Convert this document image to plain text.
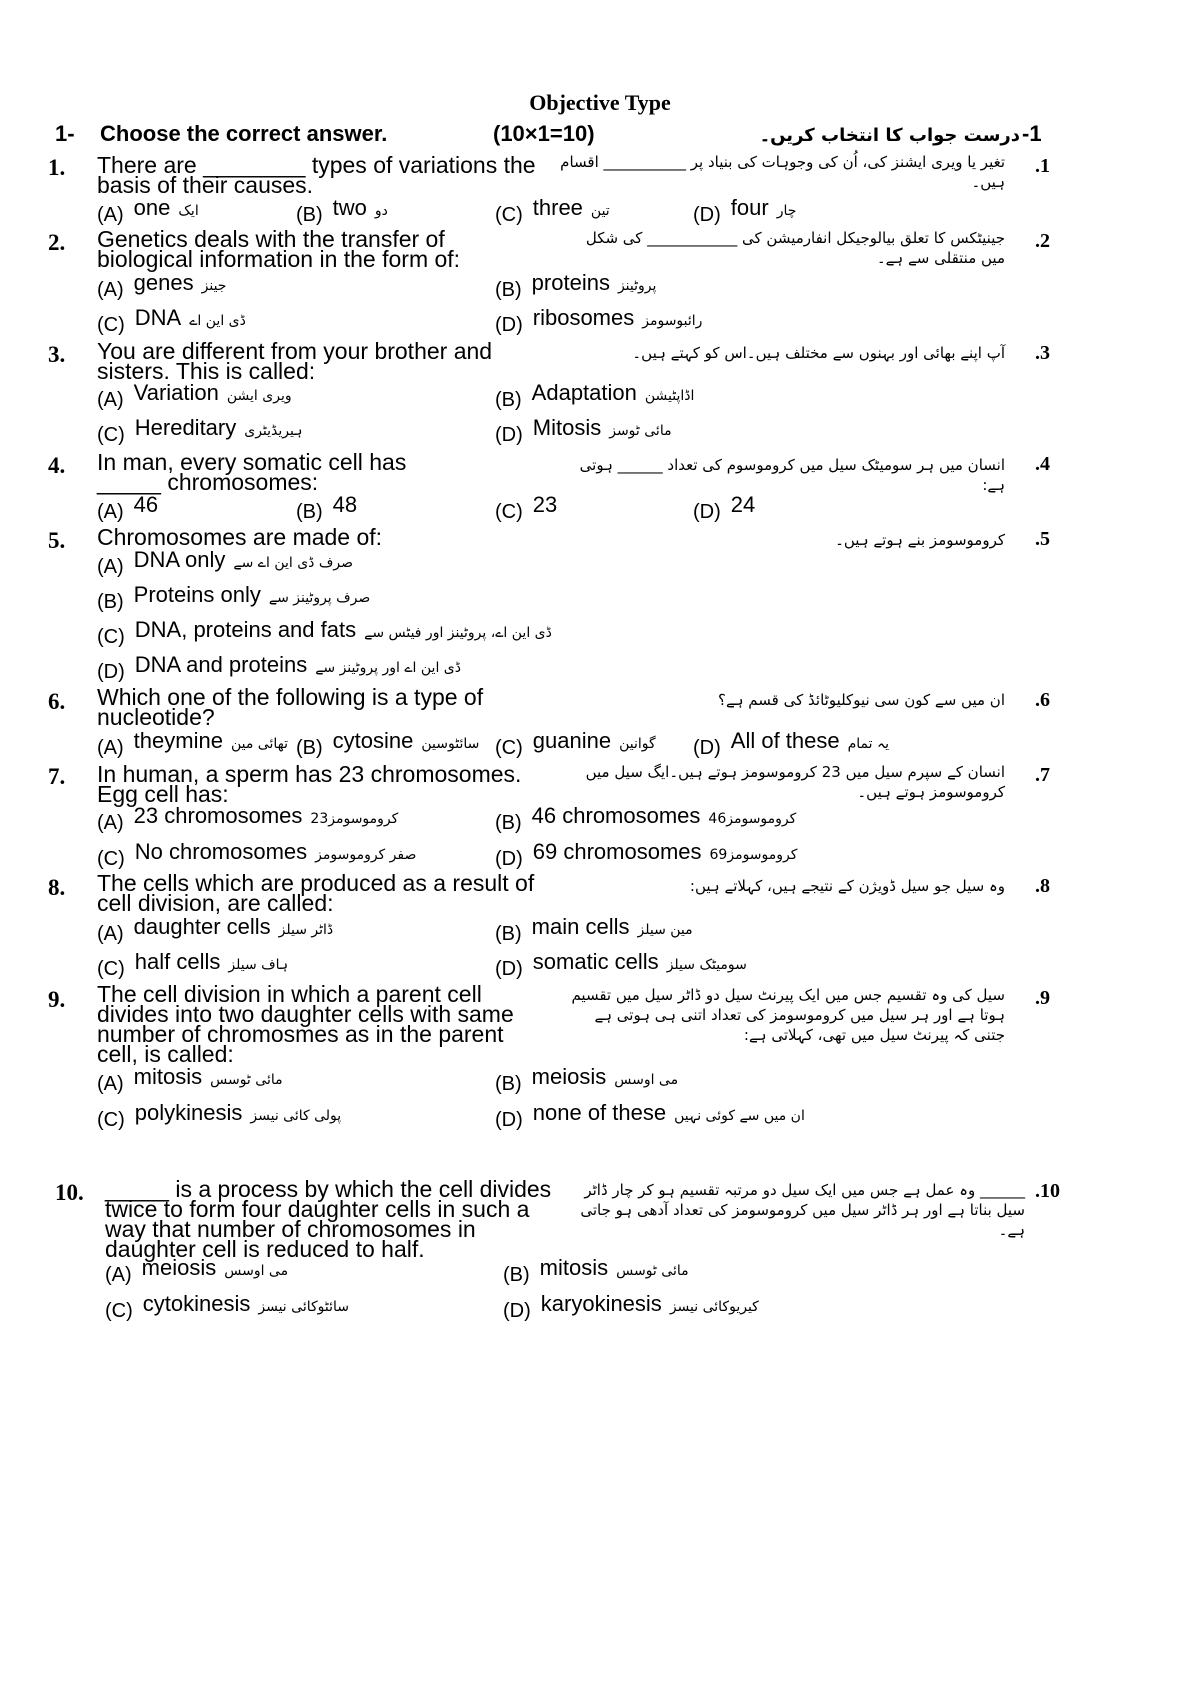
Objective Type
1- Choose the correct answer.	(10×1=10)	درست جواب کا انتخاب کریں۔ -1
1. There are ________ types of variations the basis of their causes.
تغیر یا ویری ایشنز کی، اُن کی وجوہات کی بنیاد پر ___________ اقسام ہیں۔
.1
(A) one ایک	(B) two دو	(C) three تین	(D) four چار
2. Genetics deals with the transfer of biological information in the form of:
جینیٹکس کا تعلق بیالوجیکل انفارمیشن کی ____________ کی شکل میں منتقلی سے ہے۔
.2
(A) genes جینز	(B) proteins پروٹینز
(C) DNA ڈی این اے	(D) ribosomes رائبوسومز
3. You are different from your brother and sisters. This is called:
آپ اپنے بھائی اور بہنوں سے مختلف ہیں۔اس کو کہتے ہیں۔ .3
(A) Variation ویری ایشن	(B) Adaptation اڈاپٹیشن
(C) Hereditary ہیریڈیٹری	(D) Mitosis مائی ٹوسز
4. In man, every somatic cell has _____ chromosomes:
انسان میں ہر سومیٹک سیل میں کروموسوم کی تعداد ______ ہوتی ہے:
.4
(A) 46	(B) 48	(C) 23	(D) 24
5. Chromosomes are made of:	کروموسومز بنے ہوتے ہیں۔ .5
(A) DNA only صرف ڈی این اے سے
(B) Proteins only صرف پروٹینز سے
(C) DNA, proteins and fats ڈی این اے، پروٹینز اور فیٹس سے
(D) DNA and proteins ڈی این اے اور پروٹینز سے
6. Which one of the following is a type of nucleotide?
ان میں سے کون سی نیوکلیوٹائڈ کی قسم ہے؟ .6
(A) theymine تھائی مین (B) cytosine سائٹوسین (C) guanine گوانین (D) All of these یہ تمام
7. In human, a sperm has 23 chromosomes. Egg cell has:
انسان کے سپرم سیل میں 23 کروموسومز ہوتے ہیں۔ایگ سیل میں کروموسومز ہوتے ہیں۔
.7
(A) 23 chromosomes 23کروموسومز	(B) 46 chromosomes 46کروموسومز
(C) No chromosomes صفر کروموسومز	(D) 69 chromosomes 69کروموسومز
8. The cells which are produced as a result of cell division, are called:
وہ سیل جو سیل ڈویژن کے نتیجے ہیں، کہلاتے ہیں: .8
(A) daughter cells ڈاٹر سیلز	(B) main cells مین سیلز
(C) half cells ہاف سیلز	(D) somatic cells سومیٹک سیلز
9. The cell division in which a parent cell divides into two daughter cells with same number of chromosmes as in the parent cell, is called:
سیل کی وہ تقسیم جس میں ایک پیرنٹ سیل دو ڈاٹر سیل میں تقسیم ہوتا ہے اور ہر سیل میں کروموسومز کی تعداد اتنی ہی ہوتی ہے جتنی کہ پیرنٹ سیل میں تھی، کہلاتی ہے:
.9
(A) mitosis مائی ٹوسس	(B) meiosis می اوسس
(C) polykinesis پولی کائی نیسز	(D) none of these ان میں سے کوئی نہیں
10. _____ is a process by which the cell divides twice to form four daughter cells in such a way that number of chromosomes in daughter cell is reduced to half.
______ وہ عمل ہے جس میں ایک سیل دو مرتبہ تقسیم ہو کر چار ڈاٹر سیل بناتا ہے اور ہر ڈاٹر سیل میں کروموسومز کی تعداد آدھی ہو جاتی ہے۔
.10
(A) meiosis می اوسس	(B) mitosis مائی ٹوسس
(C) cytokinesis سائٹوکائی نیسز	(D) karyokinesis کیریوکائی نیسز
